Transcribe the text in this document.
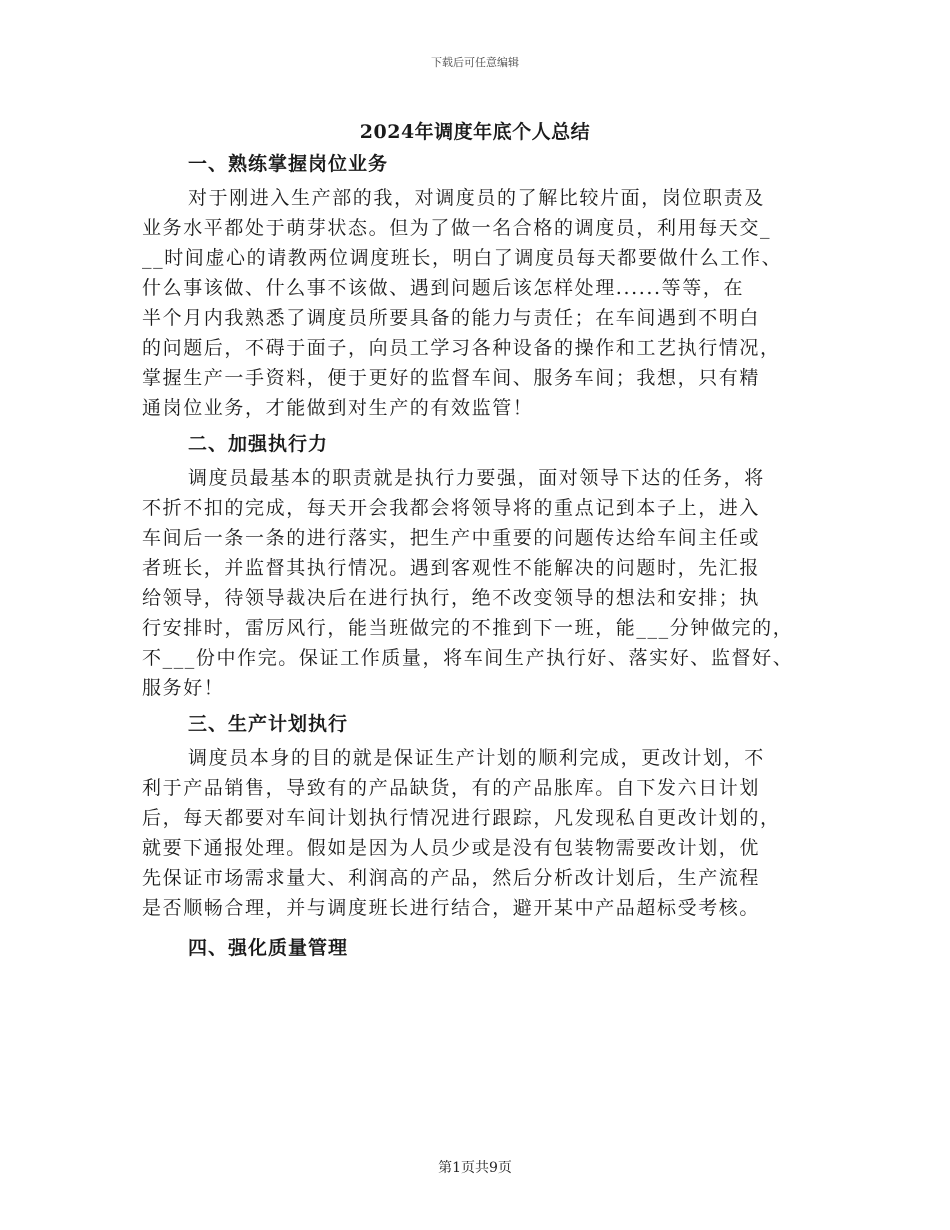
下载后可任意编辑
2024年调度年底个人总结
一、熟练掌握岗位业务

对于刚进入生产部的我，对调度员的了解比较片面，岗位职责及

业务水平都处于萌芽状态。但为了做一名合格的调度员，利用每天交_

__时间虚心的请教两位调度班长，明白了调度员每天都要做什么工作、

什么事该做、什么事不该做、遇到问题后该怎样处理......等等，在

半个月内我熟悉了调度员所要具备的能力与责任；在车间遇到不明白

的问题后，不碍于面子，向员工学习各种设备的操作和工艺执行情况，

掌握生产一手资料，便于更好的监督车间、服务车间；我想，只有精

通岗位业务，才能做到对生产的有效监管！

二、加强执行力

调度员最基本的职责就是执行力要强，面对领导下达的任务，将

不折不扣的完成，每天开会我都会将领导将的重点记到本子上，进入

车间后一条一条的进行落实，把生产中重要的问题传达给车间主任或

者班长，并监督其执行情况。遇到客观性不能解决的问题时，先汇报

给领导，待领导裁决后在进行执行，绝不改变领导的想法和安排；执

行安排时，雷厉风行，能当班做完的不推到下一班，能___分钟做完的，

不___份中作完。保证工作质量，将车间生产执行好、落实好、监督好、

服务好！

三、生产计划执行

调度员本身的目的就是保证生产计划的顺利完成，更改计划，不

利于产品销售，导致有的产品缺货，有的产品胀库。自下发六日计划

后，每天都要对车间计划执行情况进行跟踪，凡发现私自更改计划的，

就要下通报处理。假如是因为人员少或是没有包装物需要改计划，优

先保证市场需求量大、利润高的产品，然后分析改计划后，生产流程

是否顺畅合理，并与调度班长进行结合，避开某中产品超标受考核。

四、强化质量管理
第1页共9页
